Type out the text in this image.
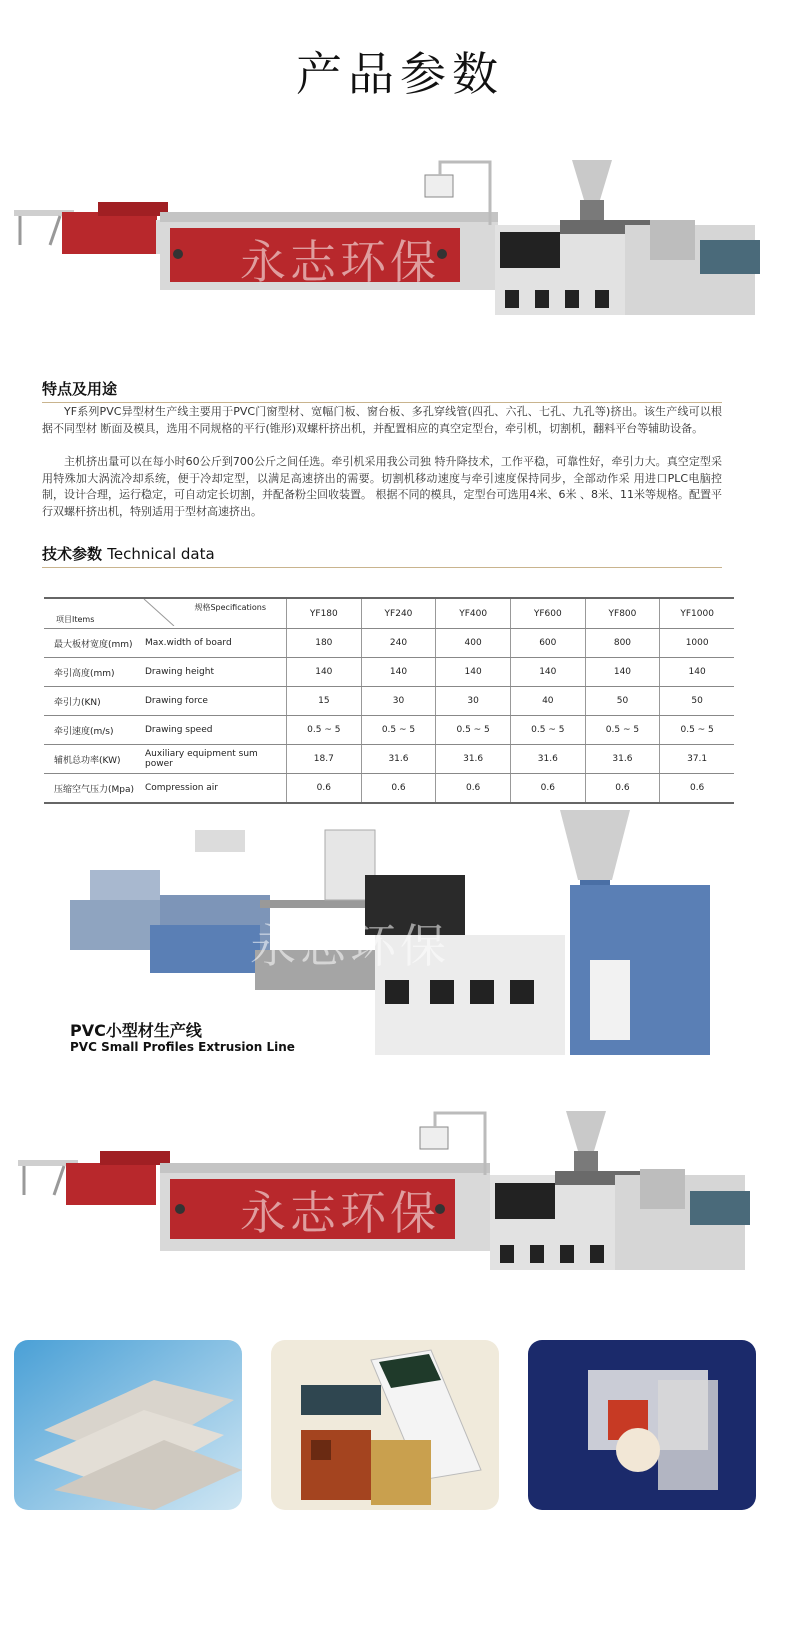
产品参数
永志环保
特点及用途

YF系列PVC异型材生产线主要用于PVC门窗型材、宽幅门板、窗台板、多孔穿线管(四孔、六孔、七孔、九孔等)挤出。该生产线可以根据不同型材 断面及模具，选用不同规格的平行(锥形)双螺杆挤出机，并配置相应的真空定型台，牵引机，切割机，翻料平台等辅助设备。

主机挤出量可以在每小时60公斤到700公斤之间任选。牵引机采用我公司独 特升降技术，工作平稳，可靠性好，牵引力大。真空定型采用特殊加大涡流冷却系统，便于冷却定型，以满足高速挤出的需要。切割机移动速度与牵引速度保持同步，全部动作采 用进口PLC电脑控制，设计合理，运行稳定，可自动定长切割，并配备粉尘回收装置。 根据不同的模具，定型台可选用4米、6米 、8米、11米等规格。配置平行双螺杆挤出机，特别适用于型材高速挤出。

技术参数 Technical data
项目Items
规格Specifications		YF180	YF240	YF400	YF600	YF800	YF1000
最大板材宽度(mm)	Max.width of board	180	240	400	600	800	1000
牵引高度(mm)	Drawing height	140	140	140	140	140	140
牵引力(KN)	Drawing force	15	30	30	40	50	50
牵引速度(m/s)	Drawing speed	0.5 ~ 5	0.5 ~ 5	0.5 ~ 5	0.5 ~ 5	0.5 ~ 5	0.5 ~ 5
辅机总功率(KW)	Auxiliary equipment sum power	18.7	31.6	31.6	31.6	31.6	37.1
压缩空气压力(Mpa)	Compression air	0.6	0.6	0.6	0.6	0.6	0.6
永志环保
PVC小型材生产线
PVC Small Profiles Extrusion Line
永志环保
